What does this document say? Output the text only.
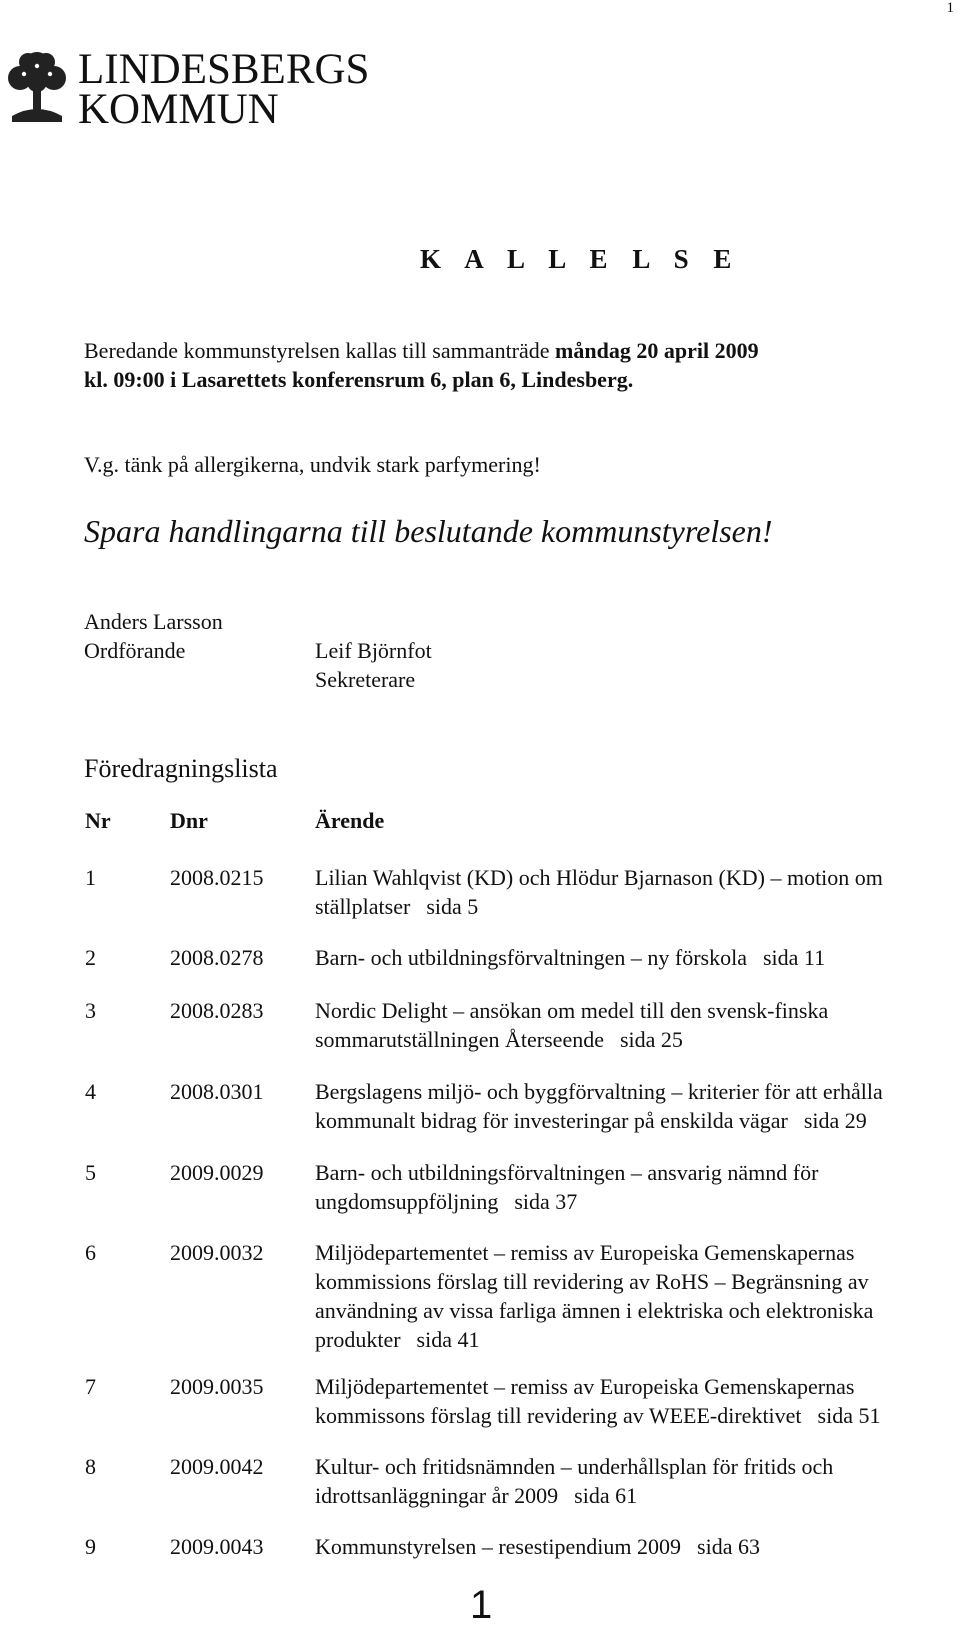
1
LINDESBERGS
KOMMUN
K A L L E L S E
Beredande kommunstyrelsen kallas till sammanträde måndag 20 april 2009
kl. 09:00 i Lasarettets konferensrum 6, plan 6, Lindesberg.
V.g. tänk på allergikerna, undvik stark parfymering!
Spara handlingarna till beslutande kommunstyrelsen!
Anders Larsson
Ordförande	Leif Björnfot
Sekreterare
Föredragningslista
Nr	Dnr	Ärende
1	2008.0215 Lilian Wahlqvist (KD) och Hlödur Bjarnason (KD) – motion om
ställplatser sida 5
2	2008.0278 Barn- och utbildningsförvaltningen – ny förskola sida 11
3	2008.0283 Nordic Delight – ansökan om medel till den svensk-finska
sommarutställningen Återseende sida 25
4	2008.0301 Bergslagens miljö- och byggförvaltning – kriterier för att erhålla
kommunalt bidrag för investeringar på enskilda vägar sida 29
5	2009.0029 Barn- och utbildningsförvaltningen – ansvarig nämnd för
ungdomsuppföljning sida 37
6	2009.0032 Miljödepartementet – remiss av Europeiska Gemenskapernas
kommissions förslag till revidering av RoHS – Begränsning av
användning av vissa farliga ämnen i elektriska och elektroniska
produkter sida 41
7	2009.0035 Miljödepartementet – remiss av Europeiska Gemenskapernas
kommissons förslag till revidering av WEEE-direktivet sida 51
8	2009.0042 Kultur- och fritidsnämnden – underhållsplan för fritids och
idrottsanläggningar år 2009 sida 61
9	2009.0043 Kommunstyrelsen – resestipendium 2009 sida 63
1
